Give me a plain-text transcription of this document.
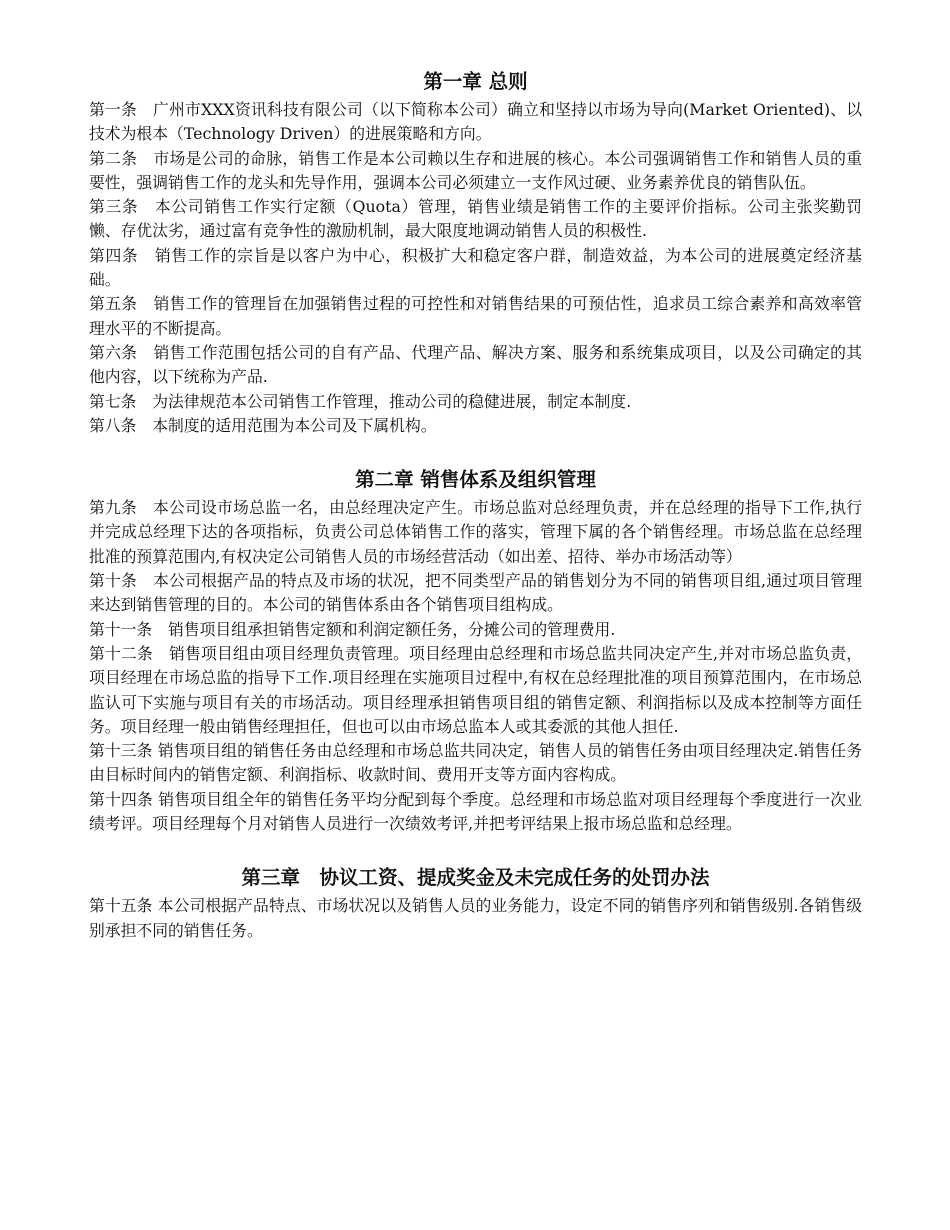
第一章 总则

第一条　广州市XXX资讯科技有限公司（以下简称本公司）确立和坚持以市场为导向(Market Oriented)、以技术为根本（Technology Driven）的进展策略和方向。

第二条　市场是公司的命脉，销售工作是本公司赖以生存和进展的核心。本公司强调销售工作和销售人员的重要性，强调销售工作的龙头和先导作用，强调本公司必须建立一支作风过硬、业务素养优良的销售队伍。

第三条　本公司销售工作实行定额（Quota）管理，销售业绩是销售工作的主要评价指标。公司主张奖勤罚懒、存优汰劣，通过富有竞争性的激励机制，最大限度地调动销售人员的积极性.

第四条　销售工作的宗旨是以客户为中心，积极扩大和稳定客户群，制造效益，为本公司的进展奠定经济基础。

第五条　销售工作的管理旨在加强销售过程的可控性和对销售结果的可预估性，追求员工综合素养和高效率管理水平的不断提高。

第六条　销售工作范围包括公司的自有产品、代理产品、解决方案、服务和系统集成项目，以及公司确定的其他内容，以下统称为产品.

第七条　为法律规范本公司销售工作管理，推动公司的稳健进展，制定本制度.

第八条　本制度的适用范围为本公司及下属机构。

第二章 销售体系及组织管理

第九条　本公司设市场总监一名，由总经理决定产生。市场总监对总经理负责，并在总经理的指导下工作,执行并完成总经理下达的各项指标，负责公司总体销售工作的落实，管理下属的各个销售经理。市场总监在总经理批准的预算范围内,有权决定公司销售人员的市场经营活动（如出差、招待、举办市场活动等）

第十条　本公司根据产品的特点及市场的状况，把不同类型产品的销售划分为不同的销售项目组,通过项目管理来达到销售管理的目的。本公司的销售体系由各个销售项目组构成。

第十一条　销售项目组承担销售定额和利润定额任务，分摊公司的管理费用.

第十二条　销售项目组由项目经理负责管理。项目经理由总经理和市场总监共同决定产生,并对市场总监负责，项目经理在市场总监的指导下工作.项目经理在实施项目过程中,有权在总经理批准的项目预算范围内，在市场总监认可下实施与项目有关的市场活动。项目经理承担销售项目组的销售定额、利润指标以及成本控制等方面任务。项目经理一般由销售经理担任，但也可以由市场总监本人或其委派的其他人担任.

第十三条 销售项目组的销售任务由总经理和市场总监共同决定，销售人员的销售任务由项目经理决定.销售任务由目标时间内的销售定额、利润指标、收款时间、费用开支等方面内容构成。

第十四条 销售项目组全年的销售任务平均分配到每个季度。总经理和市场总监对项目经理每个季度进行一次业绩考评。项目经理每个月对销售人员进行一次绩效考评,并把考评结果上报市场总监和总经理。

第三章　协议工资、提成奖金及未完成任务的处罚办法

第十五条 本公司根据产品特点、市场状况以及销售人员的业务能力，设定不同的销售序列和销售级别.各销售级别承担不同的销售任务。
